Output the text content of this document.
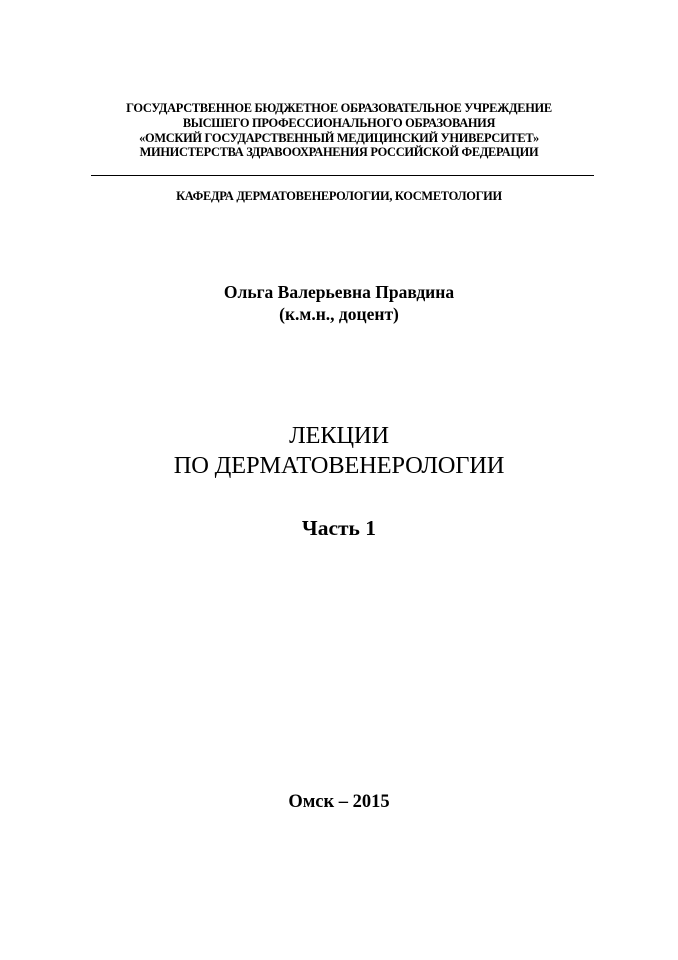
ГОСУДАРСТВЕННОЕ БЮДЖЕТНОЕ ОБРАЗОВАТЕЛЬНОЕ УЧРЕЖДЕНИЕ
ВЫСШЕГО ПРОФЕССИОНАЛЬНОГО ОБРАЗОВАНИЯ
«ОМСКИЙ ГОСУДАРСТВЕННЫЙ МЕДИЦИНСКИЙ УНИВЕРСИТЕТ»
МИНИСТЕРСТВА ЗДРАВООХРАНЕНИЯ РОССИЙСКОЙ ФЕДЕРАЦИИ
КАФЕДРА ДЕРМАТОВЕНЕРОЛОГИИ, КОСМЕТОЛОГИИ
Ольга Валерьевна Правдина
(к.м.н., доцент)
ЛЕКЦИИ
ПО ДЕРМАТОВЕНЕРОЛОГИИ
Часть 1
Омск – 2015
